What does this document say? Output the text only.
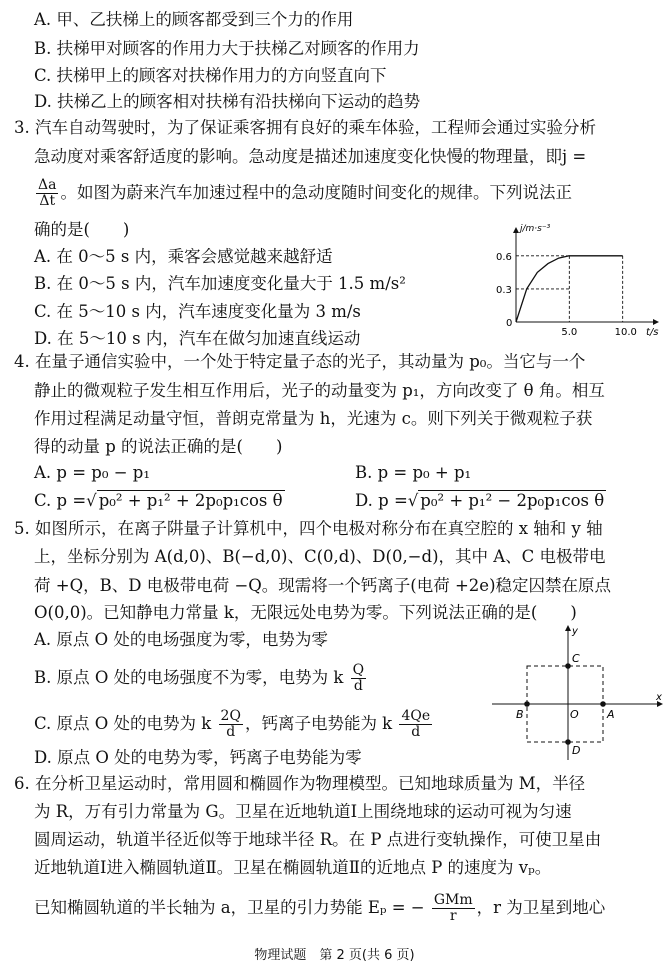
A. 甲、乙扶梯上的顾客都受到三个力的作用
B. 扶梯甲对顾客的作用力大于扶梯乙对顾客的作用力
C. 扶梯甲上的顾客对扶梯作用力的方向竖直向下
D. 扶梯乙上的顾客相对扶梯有沿扶梯向下运动的趋势
3. 汽车自动驾驶时，为了保证乘客拥有良好的乘车体验，工程师会通过实验分析
急动度对乘客舒适度的影响。急动度是描述加速度变化快慢的物理量，即j =
$\frac{\Delta a}{\Delta t}$ 。如图为蔚来汽车加速过程中的急动度随时间变化的规律。下列说法正
确的是(　　)
A. 在 0～5 s 内，乘客会感觉越来越舒适
B. 在 0～5 s 内，汽车加速度变化量大于 1.5 m/s²
C. 在 5～10 s 内，汽车速度变化量为 3 m/s
D. 在 5～10 s 内，汽车在做匀加速直线运动	5.0	10.0
0.3
0.6
0
j/m·s⁻³
t/s
4. 在量子通信实验中，一个处于特定量子态的光子，其动量为 p₀。当它与一个
静止的微观粒子发生相互作用后，光子的动量变为 p₁，方向改变了 θ 角。相互
作用过程满足动量守恒，普朗克常量为 h，光速为 c。则下列关于微观粒子获
得的动量 p 的说法正确的是(　　)
A. p = p₀ − p₁	B. p = p₀ + p₁
C. p =√ p₀² + p₁² + 2p₀p₁cos θ	D. p =√ p₀² + p₁² − 2p₀p₁cos θ
5. 如图所示，在离子阱量子计算机中，四个电极对称分布在真空腔的 x 轴和 y 轴
上，坐标分别为 A(d,0)、B(−d,0)、C(0,d)、D(0,−d)，其中 A、C 电极带电
荷 +Q，B、D 电极带电荷 −Q。现需将一个钙离子(电荷 +2e)稳定囚禁在原点
O(0,0)。已知静电力常量 k，无限远处电势为零。下列说法正确的是(　　)
A. 原点 O 处的电场强度为零，电势为零
B. 原点 O 处的电场强度不为零，电势为 k $\frac{Q}{d}$
C. 原点 O 处的电势为 k $\frac{2Q}{d}$ ，钙离子电势能为 k $\frac{4Qe}{d}$
D. 原点 O 处的电势为零，钙离子电势能为零
x
y
A
B
C
D
O
6. 在分析卫星运动时，常用圆和椭圆作为物理模型。已知地球质量为 M，半径
为 R，万有引力常量为 G。卫星在近地轨道Ⅰ上围绕地球的运动可视为匀速
圆周运动，轨道半径近似等于地球半径 R。在 P 点进行变轨操作，可使卫星由
近地轨道Ⅰ进入椭圆轨道Ⅱ。卫星在椭圆轨道Ⅱ的近地点 P 的速度为 vₚ。
已知椭圆轨道的半长轴为 a，卫星的引力势能 Eₚ = − $\frac{\text{GMm}}{r}$ ，r 为卫星到地心
物理试题　第 2 页(共 6 页)
